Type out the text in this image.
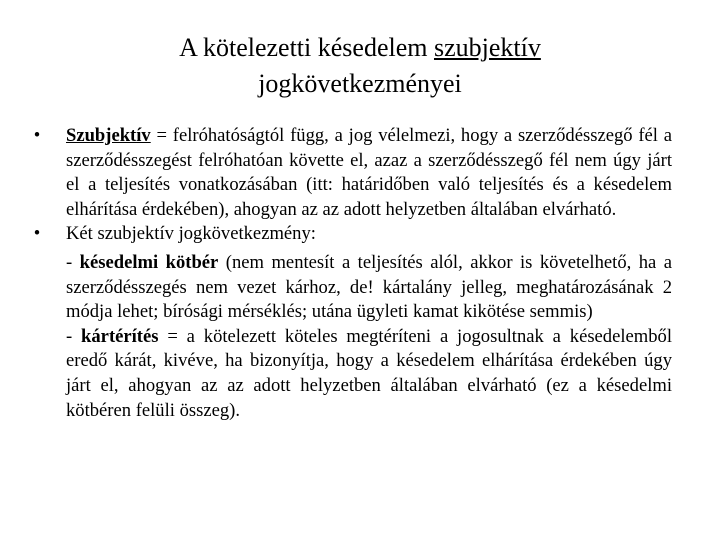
A kötelezetti késedelem szubjektív
jogkövetkezményei

• Szubjektív = felróhatóságtól függ, a jog vélelmezi, hogy a szerződésszegő fél a szerződésszegést felróhatóan követte el, azaz a szerződésszegő fél nem úgy járt el a teljesítés vonatkozásában (itt: határidőben való teljesítés és a késedelem elhárítása érdekében), ahogyan az az adott helyzetben általában elvárható.

• Két szubjektív jogkövetkezmény:

- késedelmi kötbér (nem mentesít a teljesítés alól, akkor is követelhető, ha a szerződésszegés nem vezet kárhoz, de! kártalány jelleg, meghatározásának 2 módja lehet; bírósági mérséklés; utána ügyleti kamat kikötése semmis)

- kártérítés = a kötelezett köteles megtéríteni a jogosultnak a késedelemből eredő kárát, kivéve, ha bizonyítja, hogy a késedelem elhárítása érdekében úgy járt el, ahogyan az az adott helyzetben általában elvárható (ez a késedelmi kötbéren felüli összeg).
